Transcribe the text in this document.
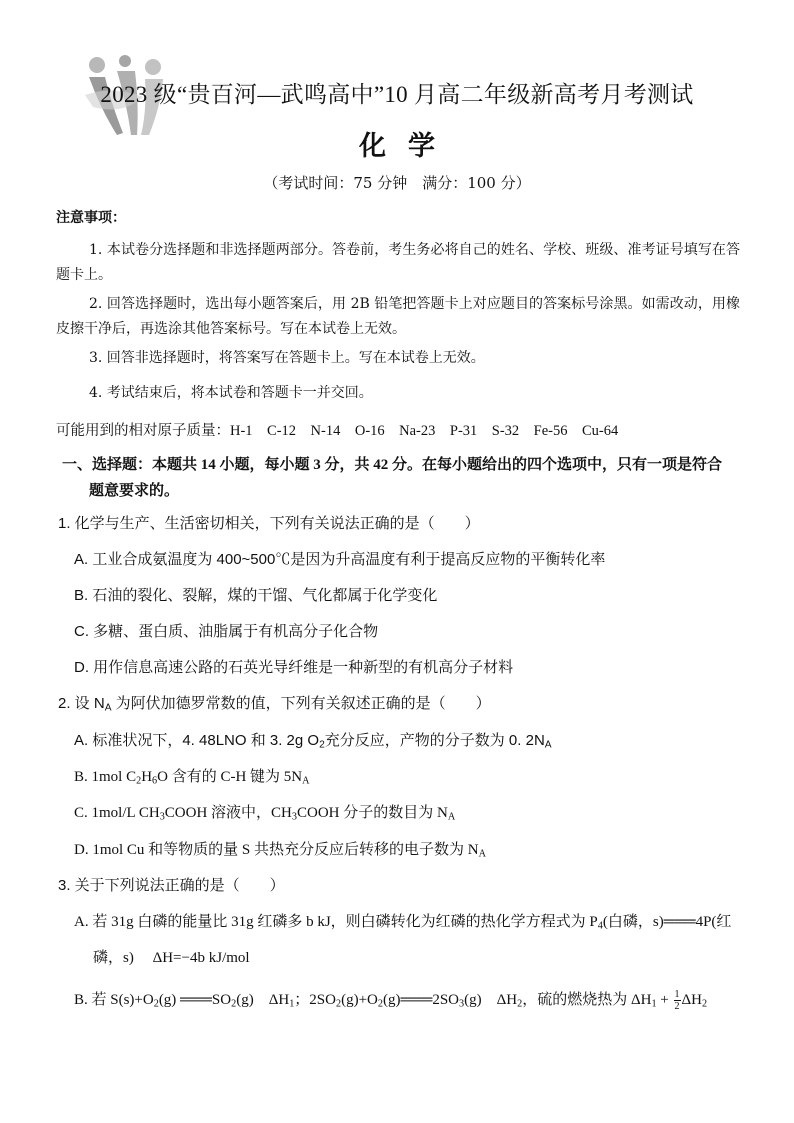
2023 级“贵百河—武鸣高中”10 月高二年级新高考月考测试
化学
（考试时间：75 分钟　满分：100 分）
注意事项：
1. 本试卷分选择题和非选择题两部分。答卷前，考生务必将自己的姓名、学校、班级、准考证号填写在答题卡上。
2. 回答选择题时，选出每小题答案后，用 2B 铅笔把答题卡上对应题目的答案标号涂黑。如需改动，用橡皮擦干净后，再选涂其他答案标号。写在本试卷上无效。
3. 回答非选择题时，将答案写在答题卡上。写在本试卷上无效。
4. 考试结束后，将本试卷和答题卡一并交回。
可能用到的相对原子质量：H-1　C-12　N-14　O-16　Na-23　P-31　S-32　Fe-56　Cu-64
一、选择题：本题共 14 小题，每小题 3 分，共 42 分。在每小题给出的四个选项中，只有一项是符合
题意要求的。
1. 化学与生产、生活密切相关，下列有关说法正确的是（　　）
A. 工业合成氨温度为 400~500℃是因为升高温度有利于提高反应物的平衡转化率
B. 石油的裂化、裂解，煤的干馏、气化都属于化学变化
C. 多糖、蛋白质、油脂属于有机高分子化合物
D. 用作信息高速公路的石英光导纤维是一种新型的有机高分子材料
2. 设 $N_A$ 为阿伏加德罗常数的值，下列有关叙述正确的是（　　）
A. 标准状况下，4. 48LNO 和 3. 2g $O_2$充分反应，产物的分子数为 0. $2N_A$
B. 1mol $C_2H_6O$ 含有的 C-H 键为 $5N_A$
C. 1mol/L $CH_3COOH$ 溶液中，$CH_3COOH$ 分子的数目为 $N_A$
D. 1mol Cu 和等物质的量 S 共热充分反应后转移的电子数为 $N_A$
3. 关于下列说法正确的是（　　）
A. 若 31g 白磷的能量比 31g 红磷多 b kJ，则白磷转化为红磷的热化学方程式为 $P_4$(白磷，s)═══4P(红
磷，s)　 ΔH=−4b kJ/mol
B. 若 $S(s)+O_2(g)$ $═══SO_2(g)$　$\Delta H_1$；$2SO_2(g)+O_2(g)═══2SO_3(g)$　$\Delta H_2$，硫的燃烧热为 $\Delta H_1 + \frac{1}{2} \Delta H_2$
